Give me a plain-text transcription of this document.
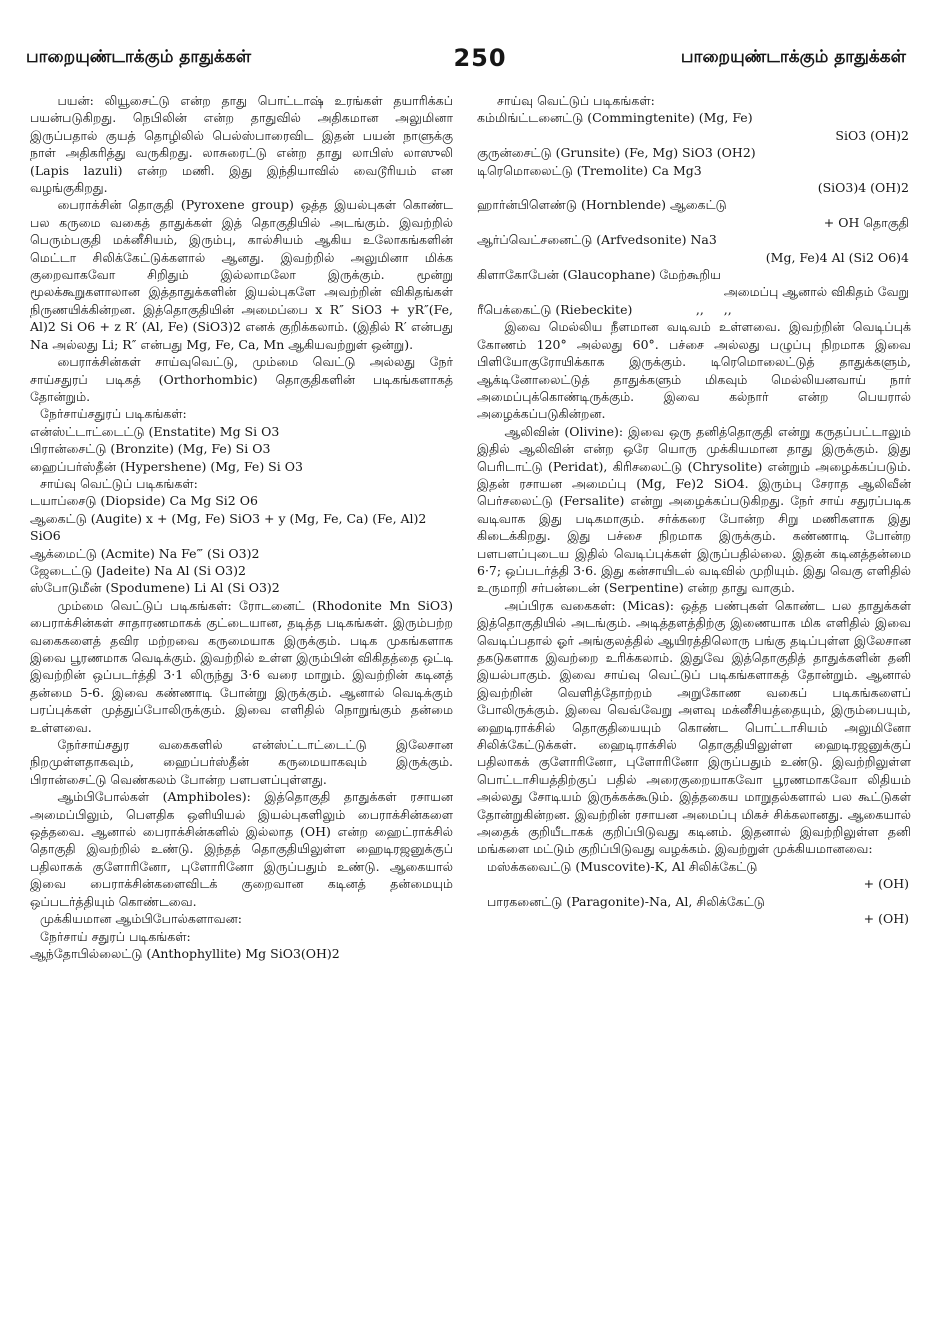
பாறையுண்டாக்கும் தாதுக்கள்	250	பாறையுண்டாக்கும் தாதுக்கள்

பயன்: லியூசைட்டு என்ற தாது பொட்டாஷ் உரங்கள் தயாரிக்கப் பயன்படுகிறது. நெபிலின் என்ற தாதுவில் அதிகமான அலுமினா இருப்பதால் குயத் தொழிலில் பெல்ஸ்பாரைவிட இதன் பயன் நாளுக்கு நாள் அதிகரித்து வருகிறது. லாசுரைட்டு என்ற தாது லாபிஸ் லாஸுலி (Lapis lazuli) என்ற மணி. இது இந்தியாவில் வைடூரியம் என வழங்குகிறது.

பைராக்சின் தொகுதி (Pyroxene group) ஒத்த இயல்புகள் கொண்ட பல கருமை வகைத் தாதுக்கள் இத் தொகுதியில் அடங்கும். இவற்றில் பெரும்பகுதி மக்னீசியம், இரும்பு, கால்சியம் ஆகிய உலோகங்களின் மெட்டா சிலிக்கேட்டுக்களால் ஆனது. இவற்றில் அலுமினா மிக்க குறைவாகவோ சிறிதும் இல்லாமலோ இருக்கும். மூன்று மூலக்கூறுகளாலான இத்தாதுக்களின் இயல்புகளே அவற்றின் விகிதங்கள் நிருணயிக்கின்றன. இத்தொகுதியின் அமைப்பை x R″ SiO3 + yR″(Fe, Al)2 Si O6 + z R′ (Al, Fe) (SiO3)2 எனக் குறிக்கலாம். (இதில் R′ என்பது Na அல்லது Li; R″ என்பது Mg, Fe, Ca, Mn ஆகியவற்றுள் ஒன்று).

பைராக்சின்கள் சாய்வுவெட்டு, மும்மை வெட்டு அல்லது நேர் சாய்சதுரப் படிகத் (Orthorhombic) தொகுதிகளின் படிகங்களாகத் தோன்றும்.

நேர்சாய்சதுரப் படிகங்கள்:

என்ஸ்ட்டாட்டைட்டு (Enstatite) Mg Si O3

பிரான்சைட்டு (Bronzite) (Mg, Fe) Si O3

ஹைப்பர்ஸ்தீன் (Hypershene) (Mg, Fe) Si O3

சாய்வு வெட்டுப் படிகங்கள்:

டயாப்சைடு (Diopside) Ca Mg Si2 O6

ஆகைட்டு (Augite) x + (Mg, Fe) SiO3 + y (Mg, Fe, Ca) (Fe, Al)2 SiO6

ஆக்மைட்டு (Acmite) Na Fe‴ (Si O3)2

ஜேடைட்டு (Jadeite) Na Al (Si O3)2

ஸ்போடுமீன் (Spodumene) Li Al (Si O3)2

மும்மை வெட்டுப் படிகங்கள்: ரோடனைட் (Rhodonite Mn SiO3) பைராக்சின்கள் சாதாரணமாகக் குட்டையான, தடித்த படிகங்கள். இரும்பற்ற வகைகளைத் தவிர மற்றவை கருமையாக இருக்கும். படிக முகங்களாக இவை பூரணமாக வெடிக்கும். இவற்றில் உள்ள இரும்பின் விகிதத்தை ஒட்டி இவற்றின் ஒப்படர்த்தி 3·1 லிருந்து 3·6 வரை மாறும். இவற்றின் கடினத் தன்மை 5-6. இவை கண்ணாடி போன்று இருக்கும். ஆனால் வெடிக்கும் பரப்புக்கள் முத்துப்போலிருக்கும். இவை எளிதில் நொறுங்கும் தன்மை உள்ளவை.

நேர்சாய்சதுர வகைகளில் என்ஸ்ட்டாட்டைட்டு இலேசான நிறமுள்ளதாகவும், ஹைப்பர்ஸ்தீன் கருமையாகவும் இருக்கும். பிரான்சைட்டு வெண்கலம் போன்ற பளபளப்புள்ளது.

ஆம்பிபோல்கள் (Amphiboles): இத்தொகுதி தாதுக்கள் ரசாயன அமைப்பிலும், பௌதிக ஒளியியல் இயல்புகளிலும் பைராக்சின்களை ஒத்தவை. ஆனால் பைராக்சின்களில் இல்லாத (OH) என்ற ஹைட்ராக்சில் தொகுதி இவற்றில் உண்டு. இந்தத் தொகுதியிலுள்ள ஹைடிரஜனுக்குப் பதிலாகக் குளோரினோ, புளோரினோ இருப்பதும் உண்டு. ஆகையால் இவை பைராக்சின்களைவிடக் குறைவான கடினத் தன்மையும் ஒப்படர்த்தியும் கொண்டவை.

முக்கியமான ஆம்பிபோல்களாவன:

நேர்சாய் சதுரப் படிகங்கள்:

ஆந்தோபில்லைட்டு (Anthophyllite) Mg SiO3(OH)2

சாய்வு வெட்டுப் படிகங்கள்:

கம்மிங்ட்டனைட்டு (Commingtenite) (Mg, Fe)

SiO3 (OH)2

குருன்சைட்டு (Grunsite) (Fe, Mg) SiO3 (OH2)

டிரெமொலைட்டு (Tremolite) Ca Mg3

(SiO3)4 (OH)2

ஹார்ன்பிளெண்டு (Hornblende) ஆகைட்டு

+ OH தொகுதி

ஆர்ப்வெட்சனைட்டு (Arfvedsonite) Na3

(Mg, Fe)4 Al (Si2 O6)4

கிளாகோபேன் (Glaucophane) மேற்கூறிய

அமைப்பு ஆனால் விகிதம் வேறு

ரீபெக்கைட்டு (Riebeckite)                ,,     ,,

இவை மெல்லிய நீளமான வடிவம் உள்ளவை. இவற்றின் வெடிப்புக் கோணம் 120° அல்லது 60°. பச்சை அல்லது பழுப்பு நிறமாக இவை பிளியோகுரோயிக்காக இருக்கும். டிரெமொலைட்டுத் தாதுக்களும், ஆக்டினோலைட்டுத் தாதுக்களும் மிகவும் மெல்லியனவாய் நார் அமைப்புக்கொண்டிருக்கும். இவை கல்நார் என்ற பெயரால் அழைக்கப்படுகின்றன.

ஆலிவின் (Olivine): இவை ஒரு தனித்தொகுதி என்று கருதப்பட்டாலும் இதில் ஆலிவின் என்ற ஒரே யொரு முக்கியமான தாது இருக்கும். இது பெரிடாட்டு (Peridat), கிரிசலைட்டு (Chrysolite) என்றும் அழைக்கப்படும். இதன் ரசாயன அமைப்பு (Mg, Fe)2 SiO4. இரும்பு சேராத ஆலிவீன் பெர்சலைட்டு (Fersalite) என்று அழைக்கப்படுகிறது. நேர் சாய் சதுரப்படிக வடிவாக இது படிகமாகும். சர்க்கரை போன்ற சிறு மணிகளாக இது கிடைக்கிறது. இது பச்சை நிறமாக இருக்கும். கண்ணாடி போன்ற பளபளப்புடைய இதில் வெடிப்புக்கள் இருப்பதில்லை. இதன் கடினத்தன்மை 6·7; ஒப்படர்த்தி 3·6. இது கன்சாயிடல் வடிவில் முறியும். இது வெகு எளிதில் உருமாறி சர்பன்டைன் (Serpentine) என்ற தாது வாகும்.

அப்பிரக வகைகள்: (Micas): ஒத்த பண்புகள் கொண்ட பல தாதுக்கள் இத்தொகுதியில் அடங்கும். அடித்தளத்திற்கு இணையாக மிக எளிதில் இவை வெடிப்பதால் ஓர் அங்குலத்தில் ஆயிரத்திலொரு பங்கு தடிப்புள்ள இலேசான தகடுகளாக இவற்றை உரிக்கலாம். இதுவே இத்தொகுதித் தாதுக்களின் தனி இயல்பாகும். இவை சாய்வு வெட்டுப் படிகங்களாகத் தோன்றும். ஆனால் இவற்றின் வெளித்தோற்றம் அறுகோண வகைப் படிகங்களைப் போலிருக்கும். இவை வெவ்வேறு அளவு மக்னீசியத்தையும், இரும்பையும், ஹைடிராக்சில் தொகுதியையும் கொண்ட பொட்டாசியம் அலுமினோ சிலிக்கேட்டுக்கள். ஹைடிராக்சில் தொகுதியிலுள்ள ஹைடிரஜனுக்குப் பதிலாகக் குளோரினோ, புளோரினோ இருப்பதும் உண்டு. இவற்றிலுள்ள பொட்டாசியத்திற்குப் பதில் அரைகுறையாகவோ பூரணமாகவோ லிதியம் அல்லது சோடியம் இருக்கக்கூடும். இத்தகைய மாறுதல்களால் பல கூட்டுகள் தோன்றுகின்றன. இவற்றின் ரசாயன அமைப்பு மிகச் சிக்கலானது. ஆகையால் அதைக் குறியீடாகக் குறிப்பிடுவது கடினம். இதனால் இவற்றிலுள்ள தனி மங்களை மட்டும் குறிப்பிடுவது வழக்கம். இவற்றுள் முக்கியமானவை:

மஸ்க்கவைட்டு (Muscovite)-K, Al சிலிக்கேட்டு

+ (OH)

பாரகனைட்டு (Paragonite)-Na, Al, சிலிக்கேட்டு

+ (OH)
